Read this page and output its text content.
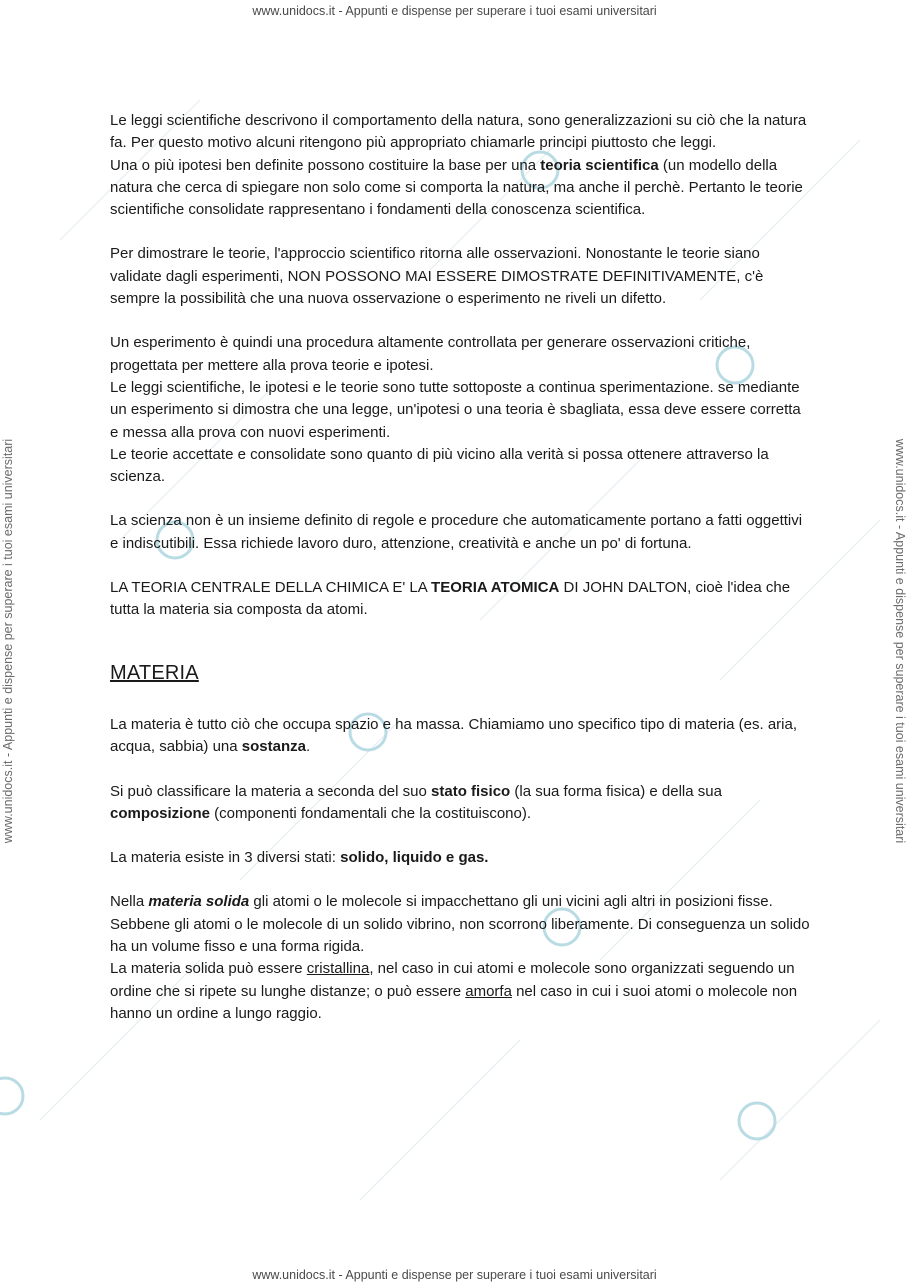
www.unidocs.it - Appunti e dispense per superare i tuoi esami universitari
www.unidocs.it - Appunti e dispense per superare i tuoi esami universitari
www.unidocs.it - Appunti e dispense per superare i tuoi esami universitari	www.unidocs.it - Appunti e dispense per superare i tuoi esami universitari

Le leggi scientifiche descrivono il comportamento della natura, sono generalizzazioni su ciò che la natura fa. Per questo motivo alcuni ritengono più appropriato chiamarle principi piuttosto che leggi.
Una o più ipotesi ben definite possono costituire la base per una teoria scientifica (un modello della natura che cerca di spiegare non solo come si comporta la natura, ma anche il perchè. Pertanto le teorie scientifiche consolidate rappresentano i fondamenti della conoscenza scientifica.

Per dimostrare le teorie, l'approccio scientifico ritorna alle osservazioni. Nonostante le teorie siano validate dagli esperimenti, NON POSSONO MAI ESSERE DIMOSTRATE DEFINITIVAMENTE, c'è sempre la possibilità che una nuova osservazione o esperimento ne riveli un difetto.

Un esperimento è quindi una procedura altamente controllata per generare osservazioni critiche, progettata per mettere alla prova teorie e ipotesi.
Le leggi scientifiche, le ipotesi e le teorie sono tutte sottoposte a continua sperimentazione. se mediante un esperimento si dimostra che una legge, un'ipotesi o una teoria è sbagliata, essa deve essere corretta e messa alla prova con nuovi esperimenti.
Le teorie accettate e consolidate sono quanto di più vicino alla verità si possa ottenere attraverso la scienza.

La scienza non è un insieme definito di regole e procedure che automaticamente portano a fatti oggettivi e indiscutibili. Essa richiede lavoro duro, attenzione, creatività e anche un po' di fortuna.

LA TEORIA CENTRALE DELLA CHIMICA E' LA TEORIA ATOMICA DI JOHN DALTON, cioè l'idea che tutta la materia sia composta da atomi.

MATERIA

La materia è tutto ciò che occupa spazio e ha massa. Chiamiamo uno specifico tipo di materia (es. aria, acqua, sabbia) una sostanza.

Si può classificare la materia a seconda del suo stato fisico (la sua forma fisica) e della sua composizione (componenti fondamentali che la costituiscono).

La materia esiste in 3 diversi stati: solido, liquido e gas.

Nella materia solida gli atomi o le molecole si impacchettano gli uni vicini agli altri in posizioni fisse. Sebbene gli atomi o le molecole di un solido vibrino, non scorrono liberamente. Di conseguenza un solido ha un volume fisso e una forma rigida.
La materia solida può essere cristallina, nel caso in cui atomi e molecole sono organizzati seguendo un ordine che si ripete su lunghe distanze; o può essere amorfa nel caso in cui i suoi atomi o molecole non hanno un ordine a lungo raggio.
